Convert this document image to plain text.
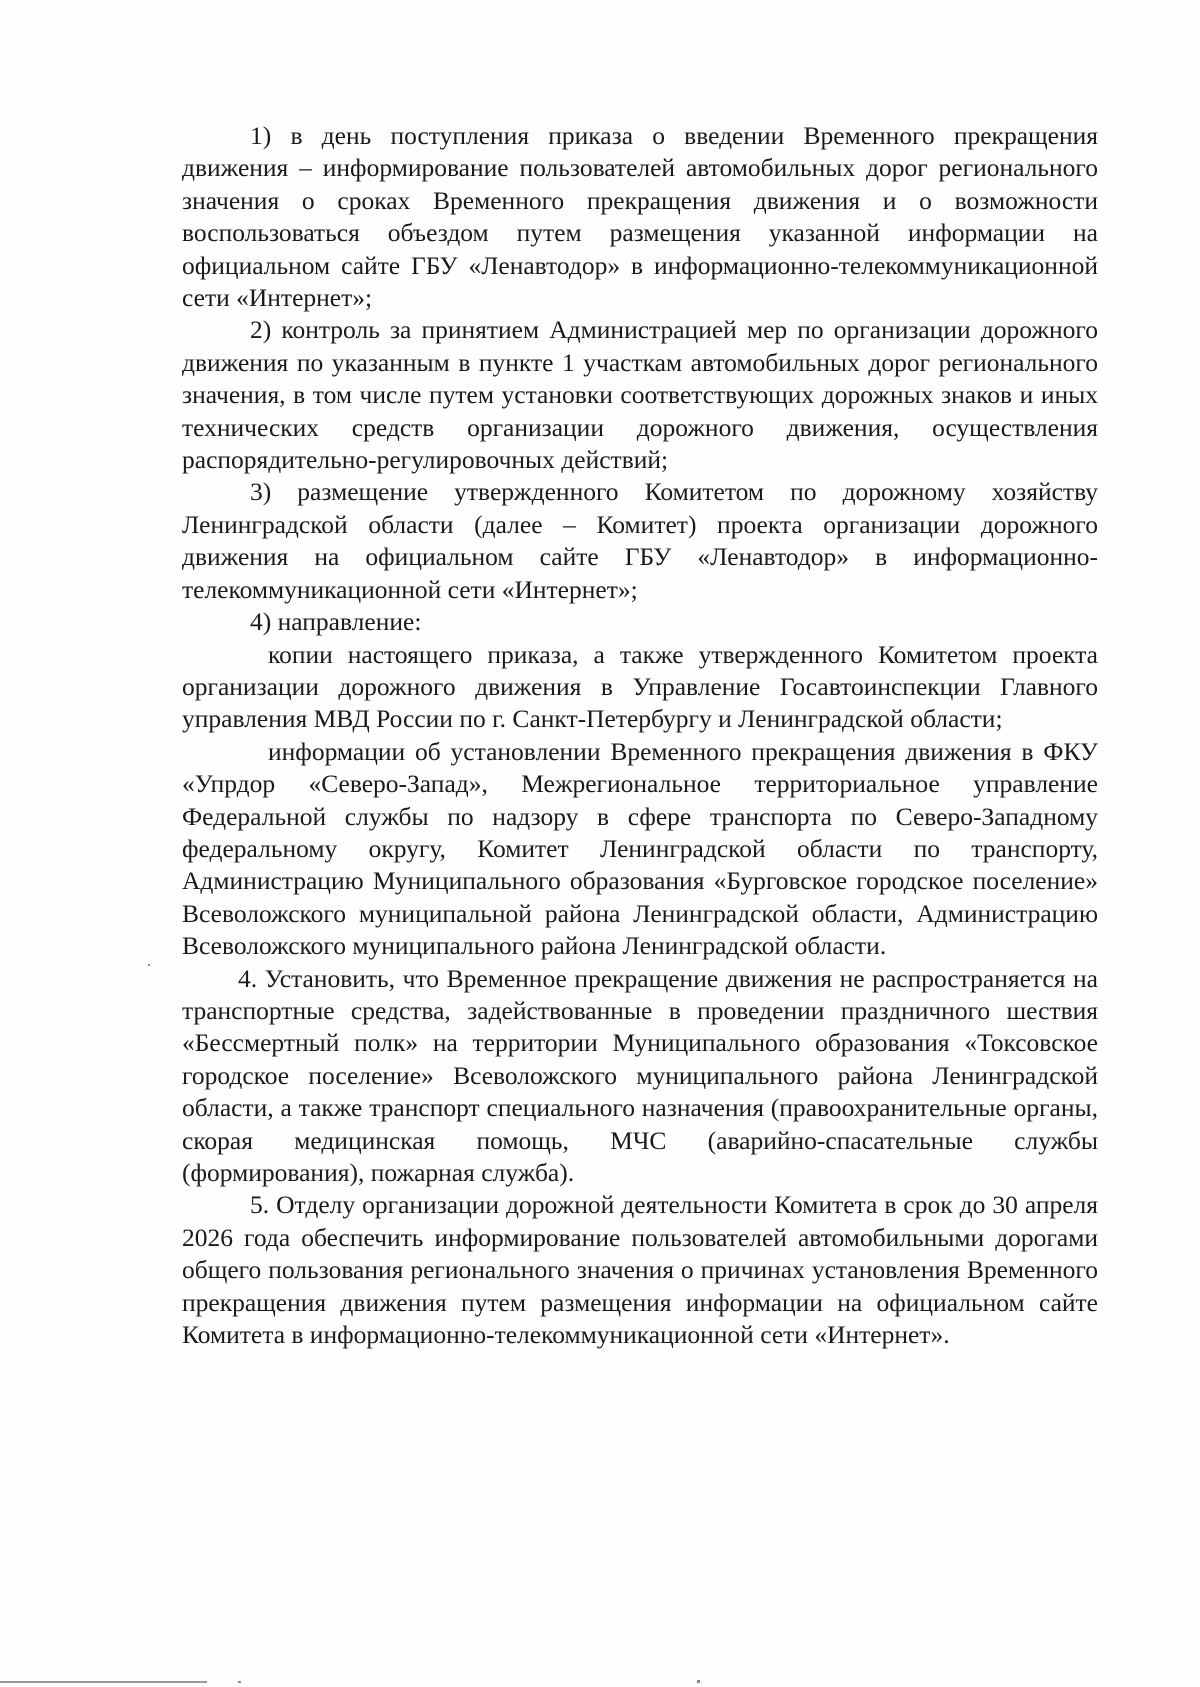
1) в день поступления приказа о введении Временного прекращения движения – информирование пользователей автомобильных дорог регионального значения о сроках Временного прекращения движения и о возможности воспользоваться объездом путем размещения указанной информации на официальном сайте ГБУ «Ленавтодор» в информационно-телекоммуникационной сети «Интернет»;

2) контроль за принятием Администрацией мер по организации дорожного движения по указанным в пункте 1 участкам автомобильных дорог регионального значения, в том числе путем установки соответствующих дорожных знаков и иных технических средств организации дорожного движения, осуществления распорядительно-регулировочных действий;

3) размещение утвержденного Комитетом по дорожному хозяйству Ленинградской области (далее – Комитет) проекта организации дорожного движения на официальном сайте ГБУ «Ленавтодор» в информационно-телекоммуникационной сети «Интернет»;

4) направление:

копии настоящего приказа, а также утвержденного Комитетом проекта организации дорожного движения в Управление Госавтоинспекции Главного управления МВД России по г. Санкт-Петербургу и Ленинградской области;

информации об установлении Временного прекращения движения в ФКУ «Упрдор «Северо-Запад», Межрегиональное территориальное управление Федеральной службы по надзору в сфере транспорта по Северо-Западному федеральному округу, Комитет Ленинградской области по транспорту, Администрацию Муниципального образования «Бурговское городское поселение» Всеволожского муниципальной района Ленинградской области, Администрацию Всеволожского муниципального района Ленинградской области.

4. Установить, что Временное прекращение движения не распространяется на транспортные средства, задействованные в проведении праздничного шествия «Бессмертный полк» на территории Муниципального образования «Токсовское городское поселение» Всеволожского муниципального района Ленинградской области, а также транспорт специального назначения (правоохранительные органы, скорая медицинская помощь, МЧС (аварийно-спасательные службы (формирования), пожарная служба).

5. Отделу организации дорожной деятельности Комитета в срок до 30 апреля 2026 года обеспечить информирование пользователей автомобильными дорогами общего пользования регионального значения о причинах установления Временного прекращения движения путем размещения информации на официальном сайте Комитета в информационно-телекоммуникационной сети «Интернет».
